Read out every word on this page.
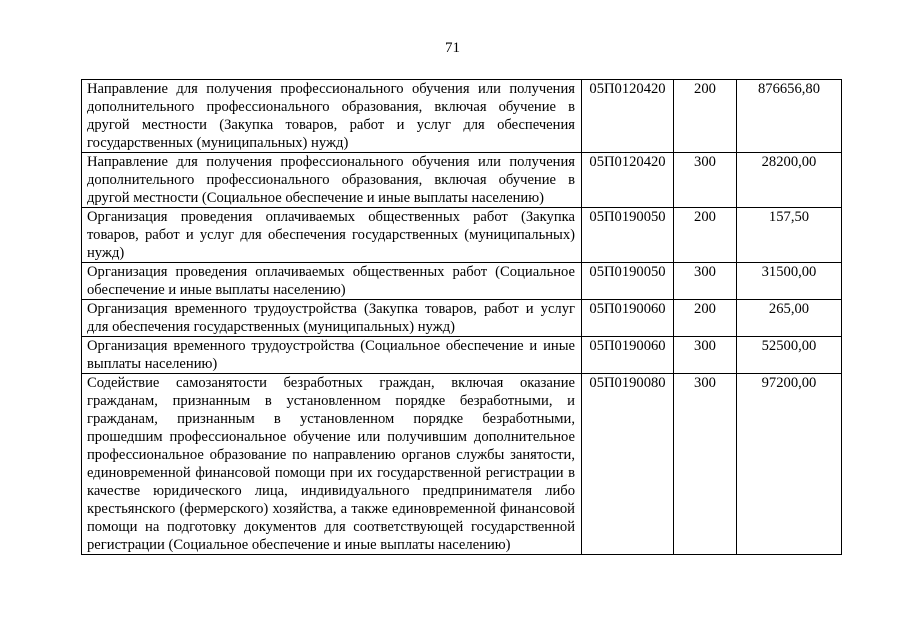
71
Направление для получения профессионального обучения или получения дополнительного профессионального образования, включая обучение в другой местности (Закупка товаров, работ и услуг для обеспечения государственных (муниципальных) нужд)	05П0120420	200	876656,80

Направление для получения профессионального обучения или получения дополнительного профессионального образования, включая обучение в другой местности (Социальное обеспечение и иные выплаты населению)	05П0120420	300	28200,00

Организация проведения оплачиваемых общественных работ (Закупка товаров, работ и услуг для обеспечения государственных (муниципальных) нужд)	05П0190050	200	157,50

Организация проведения оплачиваемых общественных работ (Социальное обеспечение и иные выплаты населению)	05П0190050	300	31500,00

Организация временного трудоустройства (Закупка товаров, работ и услуг для обеспечения государственных (муниципальных) нужд)	05П0190060	200	265,00

Организация временного трудоустройства (Социальное обеспечение и иные выплаты населению)	05П0190060	300	52500,00

Содействие самозанятости безработных граждан, включая оказание гражданам, признанным в установленном порядке безработными, и гражданам, признанным в установленном порядке безработными, прошедшим профессиональное обучение или получившим дополнительное профессиональное образование по направлению органов службы занятости, единовременной финансовой помощи при их государственной регистрации в качестве юридического лица, индивидуального предпринимателя либо крестьянского (фермерского) хозяйства, а также единовременной финансовой помощи на подготовку документов для соответствующей государственной регистрации (Социальное обеспечение и иные выплаты населению)	05П0190080	300	97200,00
